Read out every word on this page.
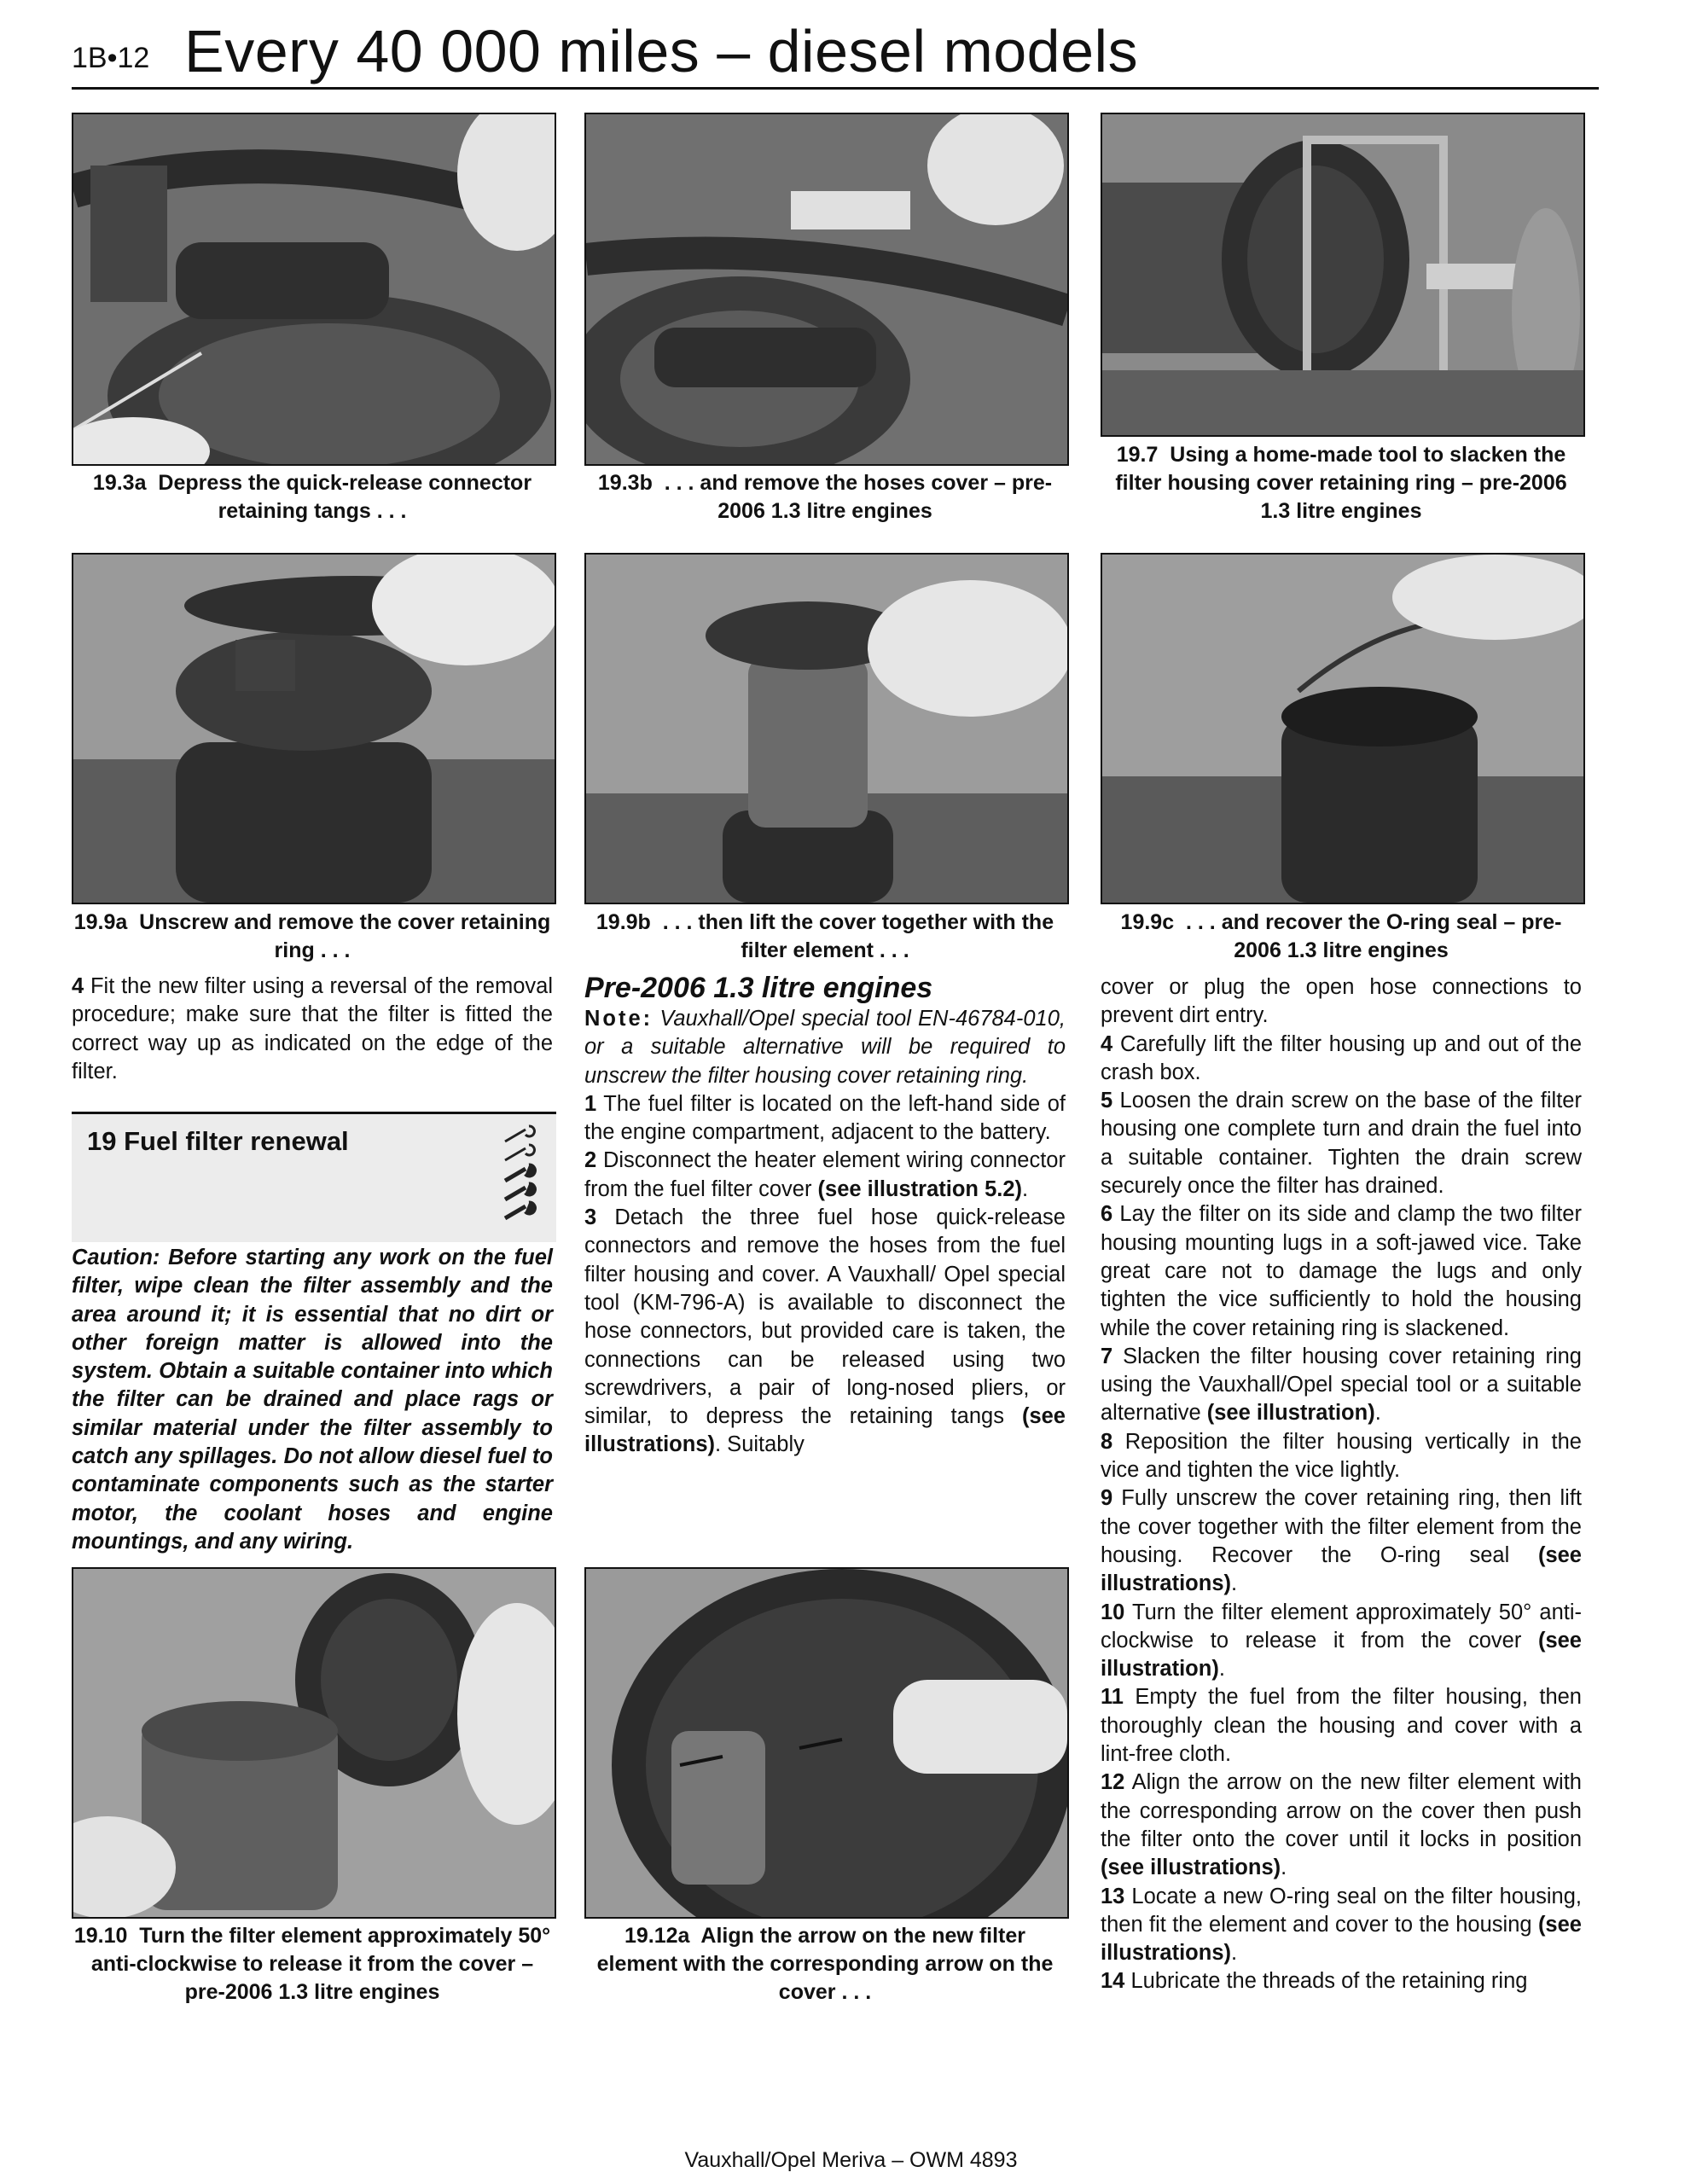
1B•12 Every 40 000 miles – diesel models
19.3a Depress the quick-release connector retaining tangs . . .
19.3b . . . and remove the hoses cover – pre-2006 1.3 litre engines
19.7 Using a home-made tool to slacken the filter housing cover retaining ring – pre-2006 1.3 litre engines
19.9a Unscrew and remove the cover retaining ring . . .
19.9b . . . then lift the cover together with the filter element . . .
19.9c . . . and recover the O-ring seal – pre-2006 1.3 litre engines

4 Fit the new filter using a reversal of the removal procedure; make sure that the filter is fitted the correct way up as indicated on the edge of the filter.

19 Fuel filter renewal

Caution: Before starting any work on the fuel filter, wipe clean the filter assembly and the area around it; it is essential that no dirt or other foreign matter is allowed into the system. Obtain a suitable container into which the filter can be drained and place rags or similar material under the filter assembly to catch any spillages. Do not allow diesel fuel to contaminate components such as the starter motor, the coolant hoses and engine mountings, and any wiring.

Pre-2006 1.3 litre engines

Note: Vauxhall/Opel special tool EN-46784-010, or a suitable alternative will be required to unscrew the filter housing cover retaining ring.

1 The fuel filter is located on the left-hand side of the engine compartment, adjacent to the battery.

2 Disconnect the heater element wiring connector from the fuel filter cover (see illustration 5.2).

3 Detach the three fuel hose quick-release connectors and remove the hoses from the fuel filter housing and cover. A Vauxhall/ Opel special tool (KM-796-A) is available to disconnect the hose connectors, but provided care is taken, the connections can be released using two screwdrivers, a pair of long-nosed pliers, or similar, to depress the retaining tangs (see illustrations). Suitably

cover or plug the open hose connections to prevent dirt entry.

4 Carefully lift the filter housing up and out of the crash box.

5 Loosen the drain screw on the base of the filter housing one complete turn and drain the fuel into a suitable container. Tighten the drain screw securely once the filter has drained.

6 Lay the filter on its side and clamp the two filter housing mounting lugs in a soft-jawed vice. Take great care not to damage the lugs and only tighten the vice sufficiently to hold the housing while the cover retaining ring is slackened.

7 Slacken the filter housing cover retaining ring using the Vauxhall/Opel special tool or a suitable alternative (see illustration).

8 Reposition the filter housing vertically in the vice and tighten the vice lightly.

9 Fully unscrew the cover retaining ring, then lift the cover together with the filter element from the housing. Recover the O-ring seal (see illustrations).

10 Turn the filter element approximately 50° anti-clockwise to release it from the cover (see illustration).

11 Empty the fuel from the filter housing, then thoroughly clean the housing and cover with a lint-free cloth.

12 Align the arrow on the new filter element with the corresponding arrow on the cover then push the filter onto the cover until it locks in position (see illustrations).

13 Locate a new O-ring seal on the filter housing, then fit the element and cover to the housing (see illustrations).

14 Lubricate the threads of the retaining ring

19.10 Turn the filter element approximately 50° anti-clockwise to release it from the cover – pre-2006 1.3 litre engines
19.12a Align the arrow on the new filter element with the corresponding arrow on the cover . . .
Vauxhall/Opel Meriva – OWM 4893
